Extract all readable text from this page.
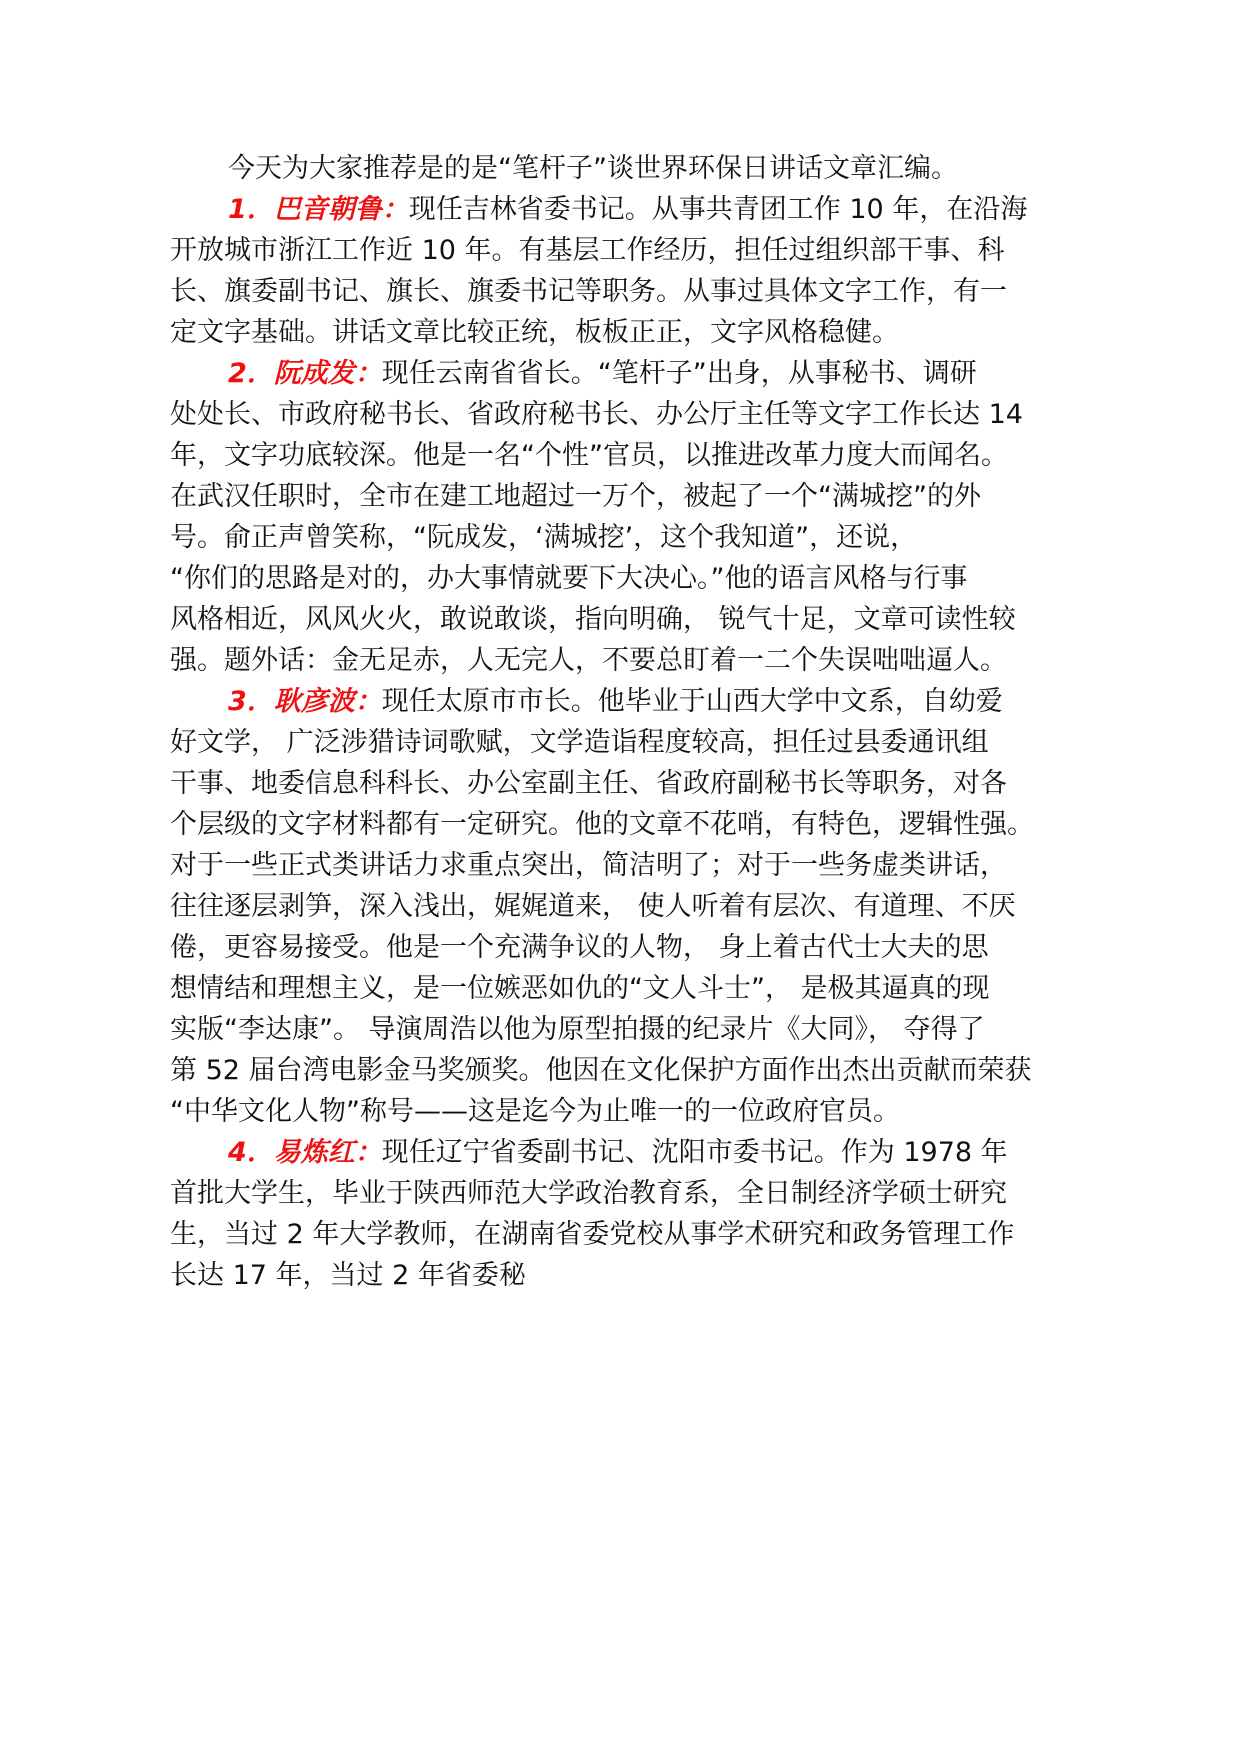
今天为大家推荐是的是“笔杆子”谈世界环保日讲话文章汇编。
1．巴音朝鲁：现任吉林省委书记。从事共青团工作 10 年，在沿海
开放城市浙江工作近 10 年。有基层工作经历，担任过组织部干事、科
长、旗委副书记、旗长、旗委书记等职务。从事过具体文字工作，有一
定文字基础。讲话文章比较正统，板板正正，文字风格稳健。
2．阮成发：现任云南省省长。“笔杆子”出身，从事秘书、调研
处处长、市政府秘书长、省政府秘书长、办公厅主任等文字工作长达 14
年，文字功底较深。他是一名“个性”官员，以推进改革力度大而闻名。
在武汉任职时，全市在建工地超过一万个，被起了一个“满城挖”的外
号。俞正声曾笑称，“阮成发，‘满城挖’，这个我知道”，还说，
“你们的思路是对的，办大事情就要下大决心。”他的语言风格与行事
风格相近，风风火火，敢说敢谈，指向明确， 锐气十足，文章可读性较
强。题外话：金无足赤，人无完人，不要总盯着一二个失误咄咄逼人。
3．耿彦波：现任太原市市长。他毕业于山西大学中文系，自幼爱
好文学， 广泛涉猎诗词歌赋，文学造诣程度较高，担任过县委通讯组
干事、地委信息科科长、办公室副主任、省政府副秘书长等职务，对各
个层级的文字材料都有一定研究。他的文章不花哨，有特色，逻辑性强。
对于一些正式类讲话力求重点突出，简洁明了；对于一些务虚类讲话，
往往逐层剥笋，深入浅出，娓娓道来， 使人听着有层次、有道理、不厌
倦，更容易接受。他是一个充满争议的人物， 身上着古代士大夫的思
想情结和理想主义，是一位嫉恶如仇的“文人斗士”， 是极其逼真的现
实版“李达康”。 导演周浩以他为原型拍摄的纪录片《大同》， 夺得了
第 52 届台湾电影金马奖颁奖。他因在文化保护方面作出杰出贡献而荣获
“中华文化人物”称号——这是迄今为止唯一的一位政府官员。
4．易炼红：现任辽宁省委副书记、沈阳市委书记。作为 1978 年
首批大学生，毕业于陕西师范大学政治教育系，全日制经济学硕士研究
生，当过 2 年大学教师，在湖南省委党校从事学术研究和政务管理工作
长达 17 年，当过 2 年省委秘
